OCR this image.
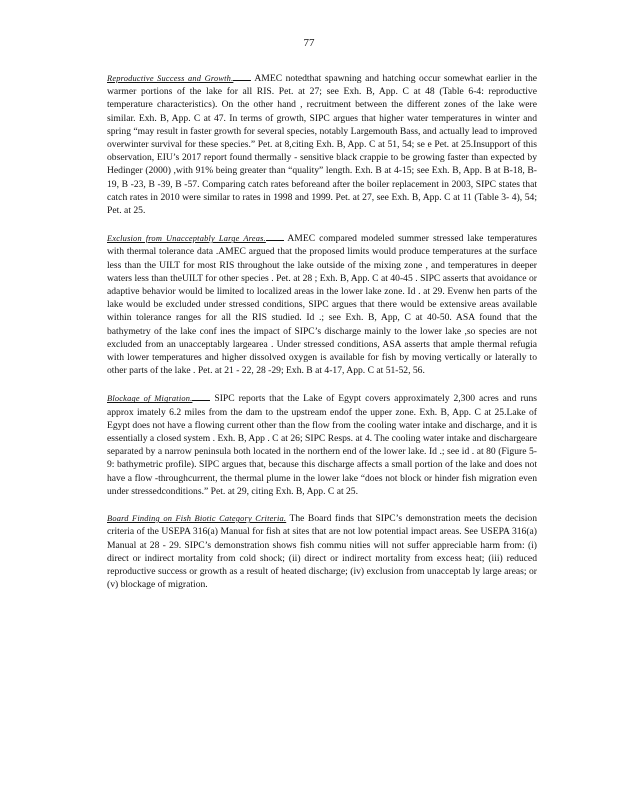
77

Reproductive Success and Growth. AMEC notedthat spawning and hatching occur somewhat earlier in the warmer portions of the lake for all RIS. Pet. at 27; see Exh. B, App. C at 48 (Table 6-4: reproductive temperature characteristics). On the other hand , recruitment between the different zones of the lake were similar. Exh. B, App. C at 47. In terms of growth, SIPC argues that higher water temperatures in winter and spring “may result in faster growth for several species, notably Largemouth Bass, and actually lead to improved overwinter survival for these species.” Pet. at 8,citing Exh. B, App. C at 51, 54; se e Pet. at 25.Insupport of this observation, EIU’s 2017 report found thermally - sensitive black crappie to be growing faster than expected by Hedinger (2000) ,with 91% being greater than “quality” length. Exh. B at 4-15; see Exh. B, App. B at B-18, B-19, B -23, B -39, B -57. Comparing catch rates beforeand after the boiler replacement in 2003, SIPC states that catch rates in 2010 were similar to rates in 1998 and 1999. Pet. at 27, see Exh. B, App. C at 11 (Table 3- 4), 54; Pet. at 25.

Exclusion from Unacceptably Large Areas. AMEC compared modeled summer stressed lake temperatures with thermal tolerance data .AMEC argued that the proposed limits would produce temperatures at the surface less than the UILT for most RIS throughout the lake outside of the mixing zone , and temperatures in deeper waters less than theUILT for other species . Pet. at 28 ; Exh. B, App. C at 40-45 . SIPC asserts that avoidance or adaptive behavior would be limited to localized areas in the lower lake zone. Id . at 29. Evenw hen parts of the lake would be excluded under stressed conditions, SIPC argues that there would be extensive areas available within tolerance ranges for all the RIS studied. Id .; see Exh. B, App, C at 40-50. ASA found that the bathymetry of the lake conf ines the impact of SIPC’s discharge mainly to the lower lake ,so species are not excluded from an unacceptably largearea . Under stressed conditions, ASA asserts that ample thermal refugia with lower temperatures and higher dissolved oxygen is available for fish by moving vertically or laterally to other parts of the lake . Pet. at 21 - 22, 28 -29; Exh. B at 4-17, App. C at 51-52, 56.

Blockage of Migration. SIPC reports that the Lake of Egypt covers approximately 2,300 acres and runs approx imately 6.2 miles from the dam to the upstream endof the upper zone. Exh. B, App. C at 25.Lake of Egypt does not have a flowing current other than the flow from the cooling water intake and discharge, and it is essentially a closed system . Exh. B, App . C at 26; SIPC Resps. at 4. The cooling water intake and dischargeare separated by a narrow peninsula both located in the northern end of the lower lake. Id .; see id . at 80 (Figure 5-9: bathymetric profile). SIPC argues that, because this discharge affects a small portion of the lake and does not have a flow -throughcurrent, the thermal plume in the lower lake “does not block or hinder fish migration even under stressedconditions.” Pet. at 29, citing Exh. B, App. C at 25.

Board Finding on Fish Biotic Category Criteria. The Board finds that SIPC’s demonstration meets the decision criteria of the USEPA 316(a) Manual for fish at sites that are not low potential impact areas. See USEPA 316(a) Manual at 28 - 29. SIPC’s demonstration shows fish commu nities will not suffer appreciable harm from: (i) direct or indirect mortality from cold shock; (ii) direct or indirect mortality from excess heat; (iii) reduced reproductive success or growth as a result of heated discharge; (iv) exclusion from unacceptab ly large areas; or (v) blockage of migration.
